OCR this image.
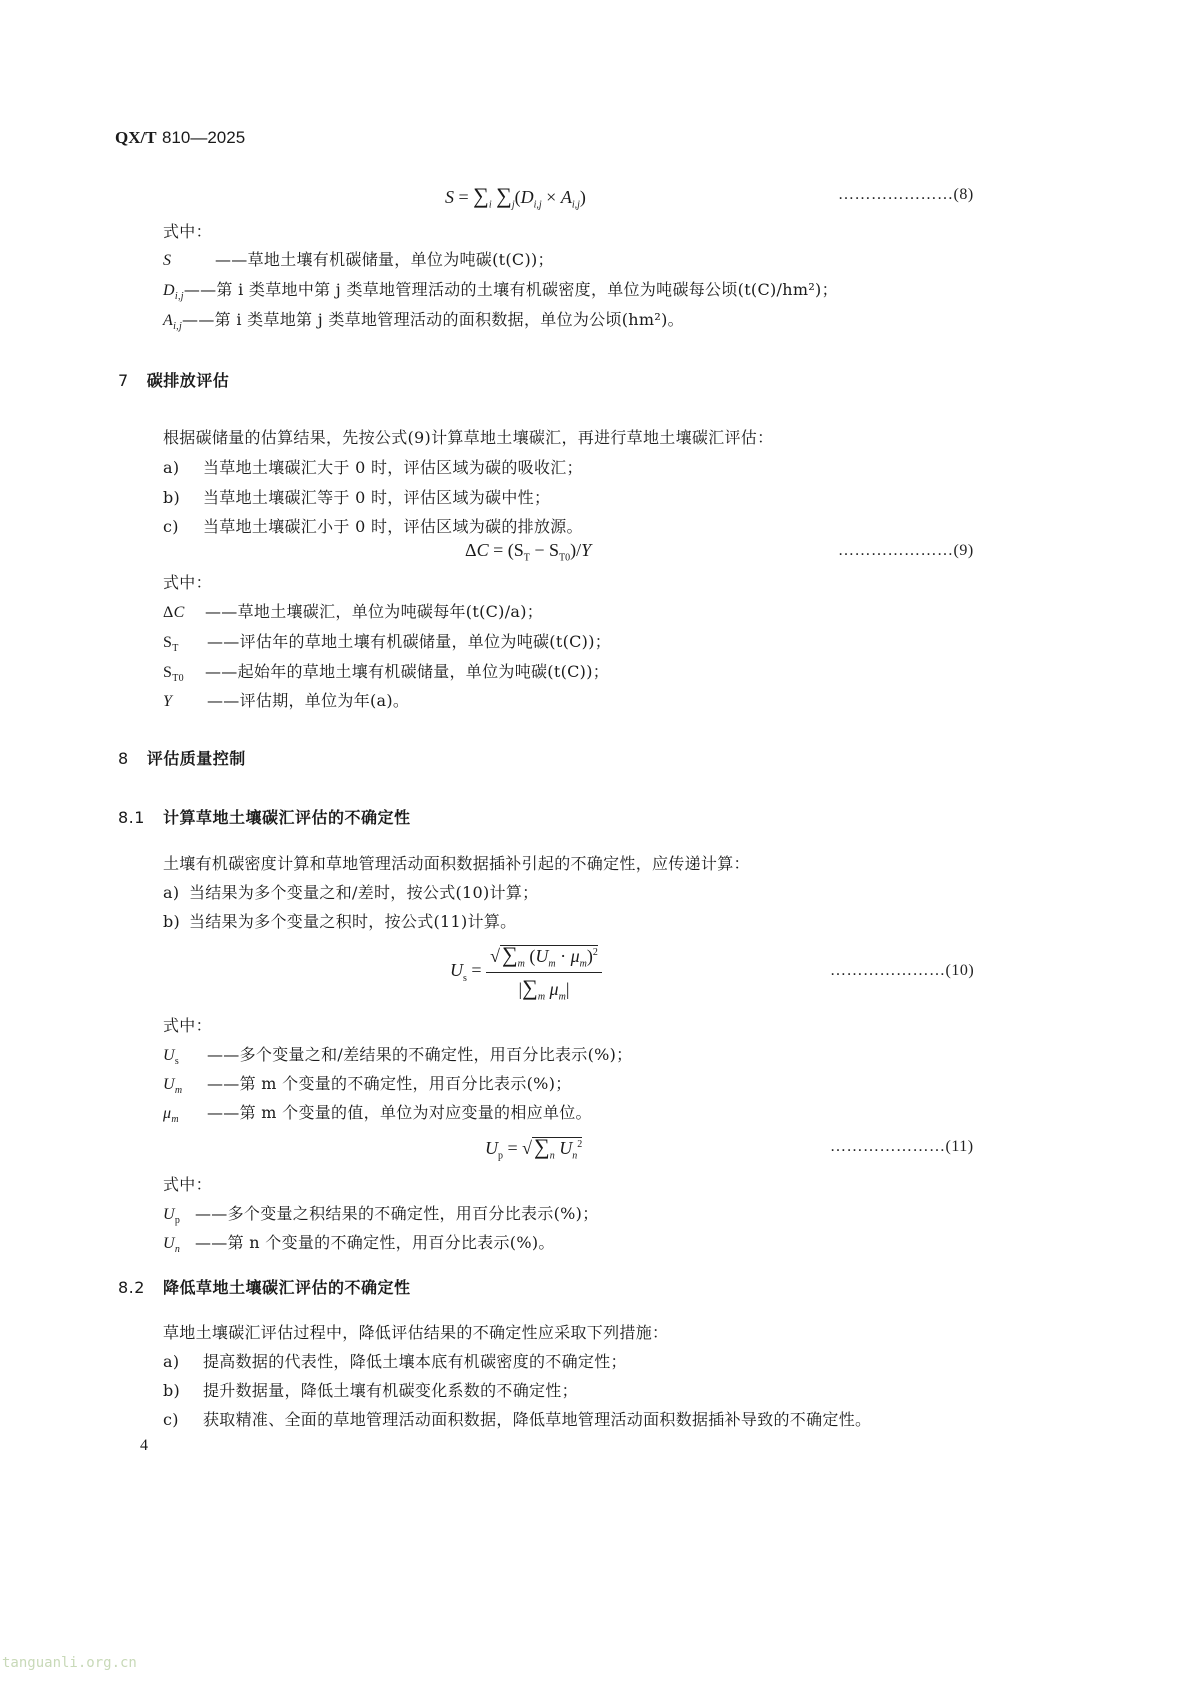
QX/T 810—2025
$S = \sum_i$ $\sum_j(D_{i,j} \times A_{i,j})$	…………………(8)
式中：
S	——草地土壤有机碳储量，单位为吨碳(t(C))；
$D_{i,j}——$第 i 类草地中第 j 类草地管理活动的土壤有机碳密度，单位为吨碳每公顷(t(C)/hm²)；
$A_{i,j}——$第 i 类草地第 j 类草地管理活动的面积数据，单位为公顷(hm²)。
7 碳排放评估
根据碳储量的估算结果，先按公式(9)计算草地土壤碳汇，再进行草地土壤碳汇评估：
a) 当草地土壤碳汇大于 0 时，评估区域为碳的吸收汇；
b) 当草地土壤碳汇等于 0 时，评估区域为碳中性；
c) 当草地土壤碳汇小于 0 时，评估区域为碳的排放源。
$\Delta C = (S_T - S_{T0})/Y$	…………………(9)
式中：
ΔC ——草地土壤碳汇，单位为吨碳每年(t(C)/a)；
$S_T$ ——评估年的草地土壤有机碳储量，单位为吨碳(t(C))；
$S_{T0}$ ——起始年的草地土壤有机碳储量，单位为吨碳(t(C))；
Y ——评估期，单位为年(a)。
8 评估质量控制
8.1 计算草地土壤碳汇评估的不确定性
土壤有机碳密度计算和草地管理活动面积数据插补引起的不确定性，应传递计算：
a) 当结果为多个变量之和/差时，按公式(10)计算；
b) 当结果为多个变量之积时，按公式(11)计算。
$U_s = \frac{√\sum_m (U_m \cdot \mu_m)^2}{|\sum_m \mu_m|}$	…………………(10)
式中：
$U_s$ ——多个变量之和/差结果的不确定性，用百分比表示(%)；
$U_m$ ——第 m 个变量的不确定性，用百分比表示(%)；
$\mu_m$ ——第 m 个变量的值，单位为对应变量的相应单位。
$U_p = √\sum_n$ $U_n^2$	…………………(11)
式中：
$U_p$ ——多个变量之积结果的不确定性，用百分比表示(%)；
$U_n$ ——第 n 个变量的不确定性，用百分比表示(%)。
8.2 降低草地土壤碳汇评估的不确定性
草地土壤碳汇评估过程中，降低评估结果的不确定性应采取下列措施：
a) 提高数据的代表性，降低土壤本底有机碳密度的不确定性；
b) 提升数据量，降低土壤有机碳变化系数的不确定性；
c) 获取精准、全面的草地管理活动面积数据，降低草地管理活动面积数据插补导致的不确定性。
4
tanguanli.org.cn
